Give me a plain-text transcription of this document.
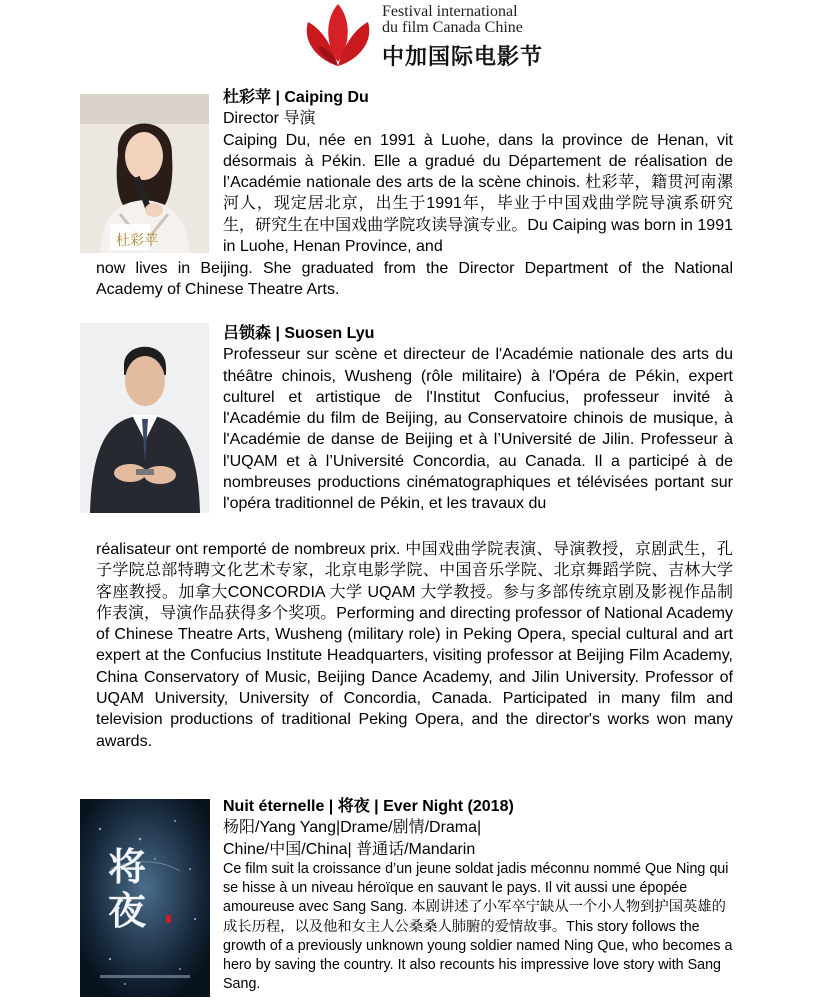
Festival international
du film Canada Chine
中加国际电影节
杜彩苹
杜彩苹 | Caiping Du
Director 导演
Caiping Du, née en 1991 à Luohe, dans la province de Henan, vit désormais à Pékin. Elle a gradué du Département de réalisation de l’Académie nationale des arts de la scène chinois. 杜彩苹，籍贯河南漯河人，现定居北京，出生于1991年，毕业于中国戏曲学院导演系研究生，研究生在中国戏曲学院攻读导演专业。Du Caiping was born in 1991 in Luohe, Henan Province, and
now lives in Beijing. She graduated from the Director Department of the National Academy of Chinese Theatre Arts.
吕锁森 | Suosen Lyu
Professeur sur scène et directeur de l'Académie nationale des arts du théâtre chinois, Wusheng (rôle militaire) à l'Opéra de Pékin, expert culturel et artistique de l'Institut Confucius, professeur invité à l'Académie du film de Beijing, au Conservatoire chinois de musique, à l'Académie de danse de Beijing et à l’Université de Jilin. Professeur à l'UQAM et à l’Université Concordia, au Canada. Il a participé à de nombreuses productions cinématographiques et télévisées portant sur l'opéra traditionnel de Pékin, et les travaux du
réalisateur ont remporté de nombreux prix. 中国戏曲学院表演、导演教授，京剧武生，孔子学院总部特聘文化艺术专家，北京电影学院、中国音乐学院、北京舞蹈学院、吉林大学客座教授。加拿大CONCORDIA 大学 UQAM 大学教授。参与多部传统京剧及影视作品制作表演，导演作品获得多个奖项。Performing and directing professor of National Academy of Chinese Theatre Arts, Wusheng (military role) in Peking Opera, special cultural and art expert at the Confucius Institute Headquarters, visiting professor at Beijing Film Academy, China Conservatory of Music, Beijing Dance Academy, and Jilin University. Professor of UQAM University, University of Concordia, Canada. Participated in many film and television productions of traditional Peking Opera, and the director's works won many awards.
将夜
Nuit éternelle | 将夜 | Ever Night (2018)
杨阳/Yang Yang|Drame/剧情/Drama|
Chine/中国/China| 普通话/Mandarin
Ce film suit la croissance d’un jeune soldat jadis méconnu nommé Que Ning qui se hisse à un niveau héroïque en sauvant le pays. Il vit aussi une épopée amoureuse avec Sang Sang. 本剧讲述了小军卒宁缺从一个小人物到护国英雄的成长历程，以及他和女主人公桑桑人肺腑的爱情故事。This story follows the growth of a previously unknown young soldier named Ning Que, who becomes a hero by saving the country. It also recounts his impressive love story with Sang Sang.
